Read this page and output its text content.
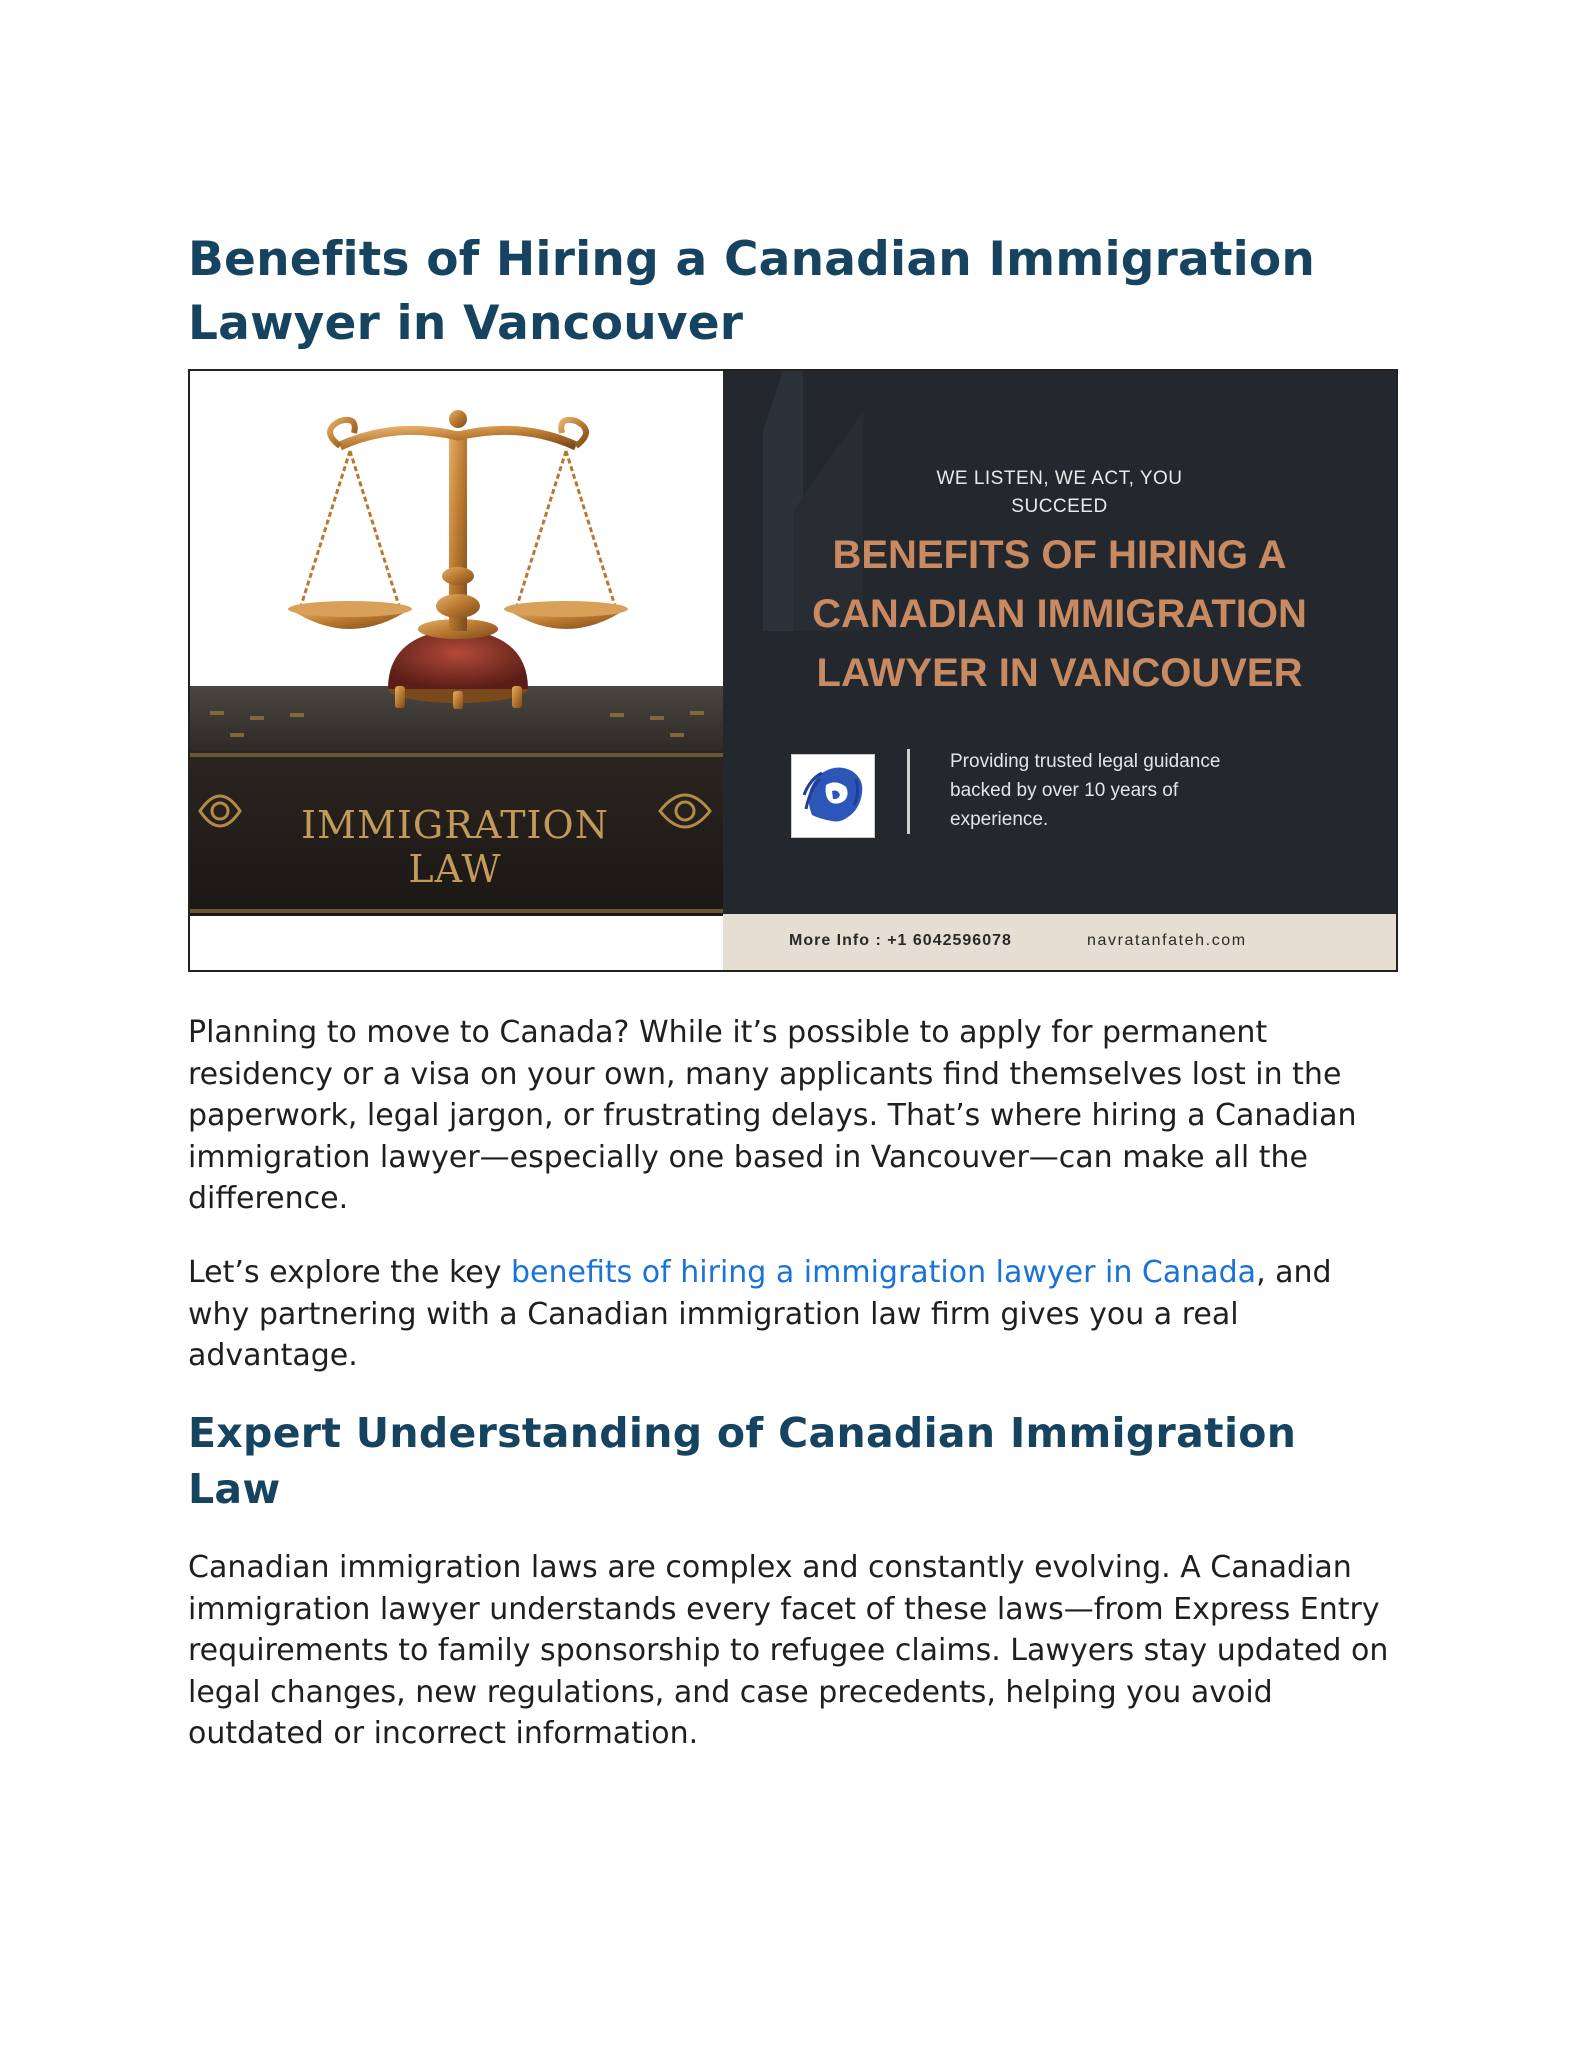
Benefits of Hiring a Canadian Immigration Lawyer in Vancouver
IMMIGRATION
LAW
WE LISTEN, WE ACT, YOU
SUCCEED
BENEFITS OF HIRING A
CANADIAN IMMIGRATION
LAWYER IN VANCOUVER
Providing trusted legal guidance
backed by over 10 years of
experience.
More Info : +1 6042596078	navratanfateh.com

Planning to move to Canada? While it’s possible to apply for permanent residency or a visa on your own, many applicants find themselves lost in the paperwork, legal jargon, or frustrating delays. That’s where hiring a Canadian immigration lawyer—especially one based in Vancouver—can make all the difference.

Let’s explore the key benefits of hiring a immigration lawyer in Canada, and why partnering with a Canadian immigration law firm gives you a real advantage.

Expert Understanding of Canadian Immigration Law

Canadian immigration laws are complex and constantly evolving. A Canadian immigration lawyer understands every facet of these laws—from Express Entry requirements to family sponsorship to refugee claims. Lawyers stay updated on legal changes, new regulations, and case precedents, helping you avoid outdated or incorrect information.
